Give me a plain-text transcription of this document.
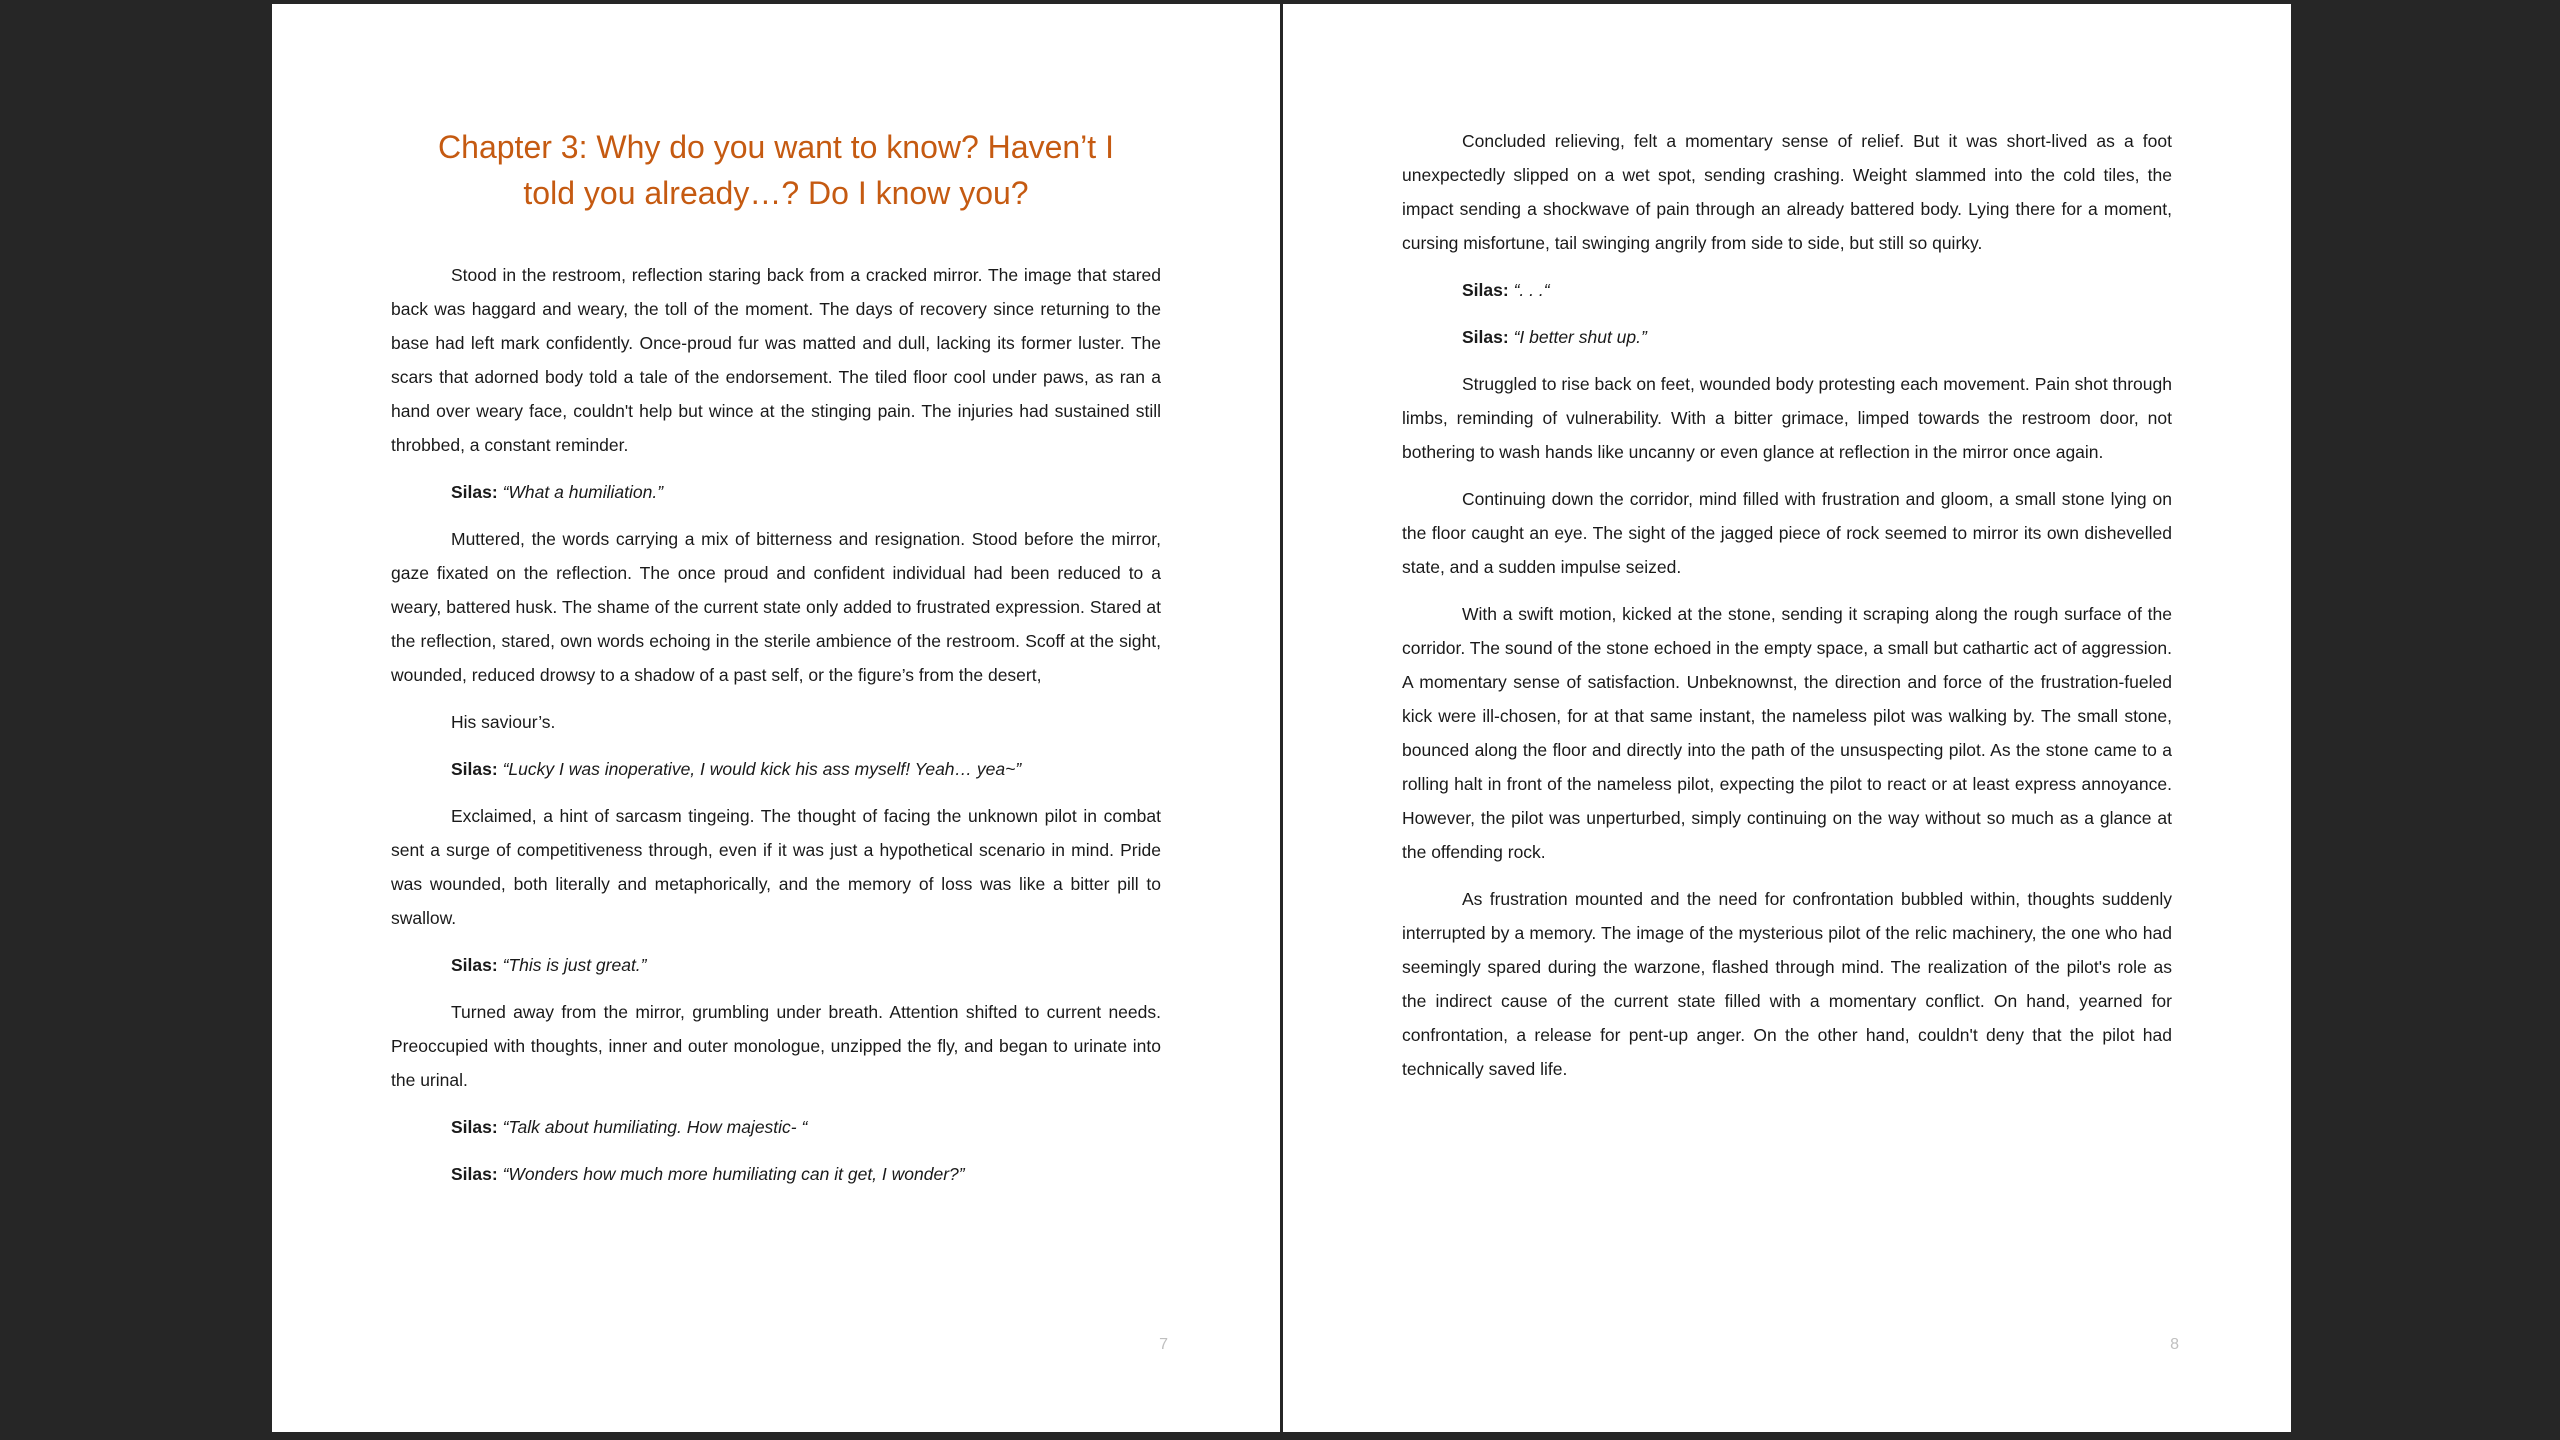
Chapter 3: Why do you want to know? Haven’t I told you already…? Do I know you?

Stood in the restroom, reflection staring back from a cracked mirror. The image that stared back was haggard and weary, the toll of the moment. The days of recovery since returning to the base had left mark confidently. Once-proud fur was matted and dull, lacking its former luster. The scars that adorned body told a tale of the endorsement. The tiled floor cool under paws, as ran a hand over weary face, couldn't help but wince at the stinging pain. The injuries had sustained still throbbed, a constant reminder.

Silas: “What a humiliation.”

Muttered, the words carrying a mix of bitterness and resignation. Stood before the mirror, gaze fixated on the reflection. The once proud and confident individual had been reduced to a weary, battered husk. The shame of the current state only added to frustrated expression. Stared at the reflection, stared, own words echoing in the sterile ambience of the restroom. Scoff at the sight, wounded, reduced drowsy to a shadow of a past self, or the figure’s from the desert,

His saviour’s.

Silas: “Lucky I was inoperative, I would kick his ass myself! Yeah… yea~”

Exclaimed, a hint of sarcasm tingeing. The thought of facing the unknown pilot in combat sent a surge of competitiveness through, even if it was just a hypothetical scenario in mind. Pride was wounded, both literally and metaphorically, and the memory of loss was like a bitter pill to swallow.

Silas: “This is just great.”

Turned away from the mirror, grumbling under breath. Attention shifted to current needs. Preoccupied with thoughts, inner and outer monologue, unzipped the fly, and began to urinate into the urinal.

Silas: “Talk about humiliating. How majestic- “

Silas: “Wonders how much more humiliating can it get, I wonder?”

7

Concluded relieving, felt a momentary sense of relief. But it was short-lived as a foot unexpectedly slipped on a wet spot, sending crashing. Weight slammed into the cold tiles, the impact sending a shockwave of pain through an already battered body. Lying there for a moment, cursing misfortune, tail swinging angrily from side to side, but still so quirky.

Silas: “. . .“

Silas: “I better shut up.”

Struggled to rise back on feet, wounded body protesting each movement. Pain shot through limbs, reminding of vulnerability. With a bitter grimace, limped towards the restroom door, not bothering to wash hands like uncanny or even glance at reflection in the mirror once again.

Continuing down the corridor, mind filled with frustration and gloom, a small stone lying on the floor caught an eye. The sight of the jagged piece of rock seemed to mirror its own dishevelled state, and a sudden impulse seized.

With a swift motion, kicked at the stone, sending it scraping along the rough surface of the corridor. The sound of the stone echoed in the empty space, a small but cathartic act of aggression. A momentary sense of satisfaction. Unbeknownst, the direction and force of the frustration-fueled kick were ill-chosen, for at that same instant, the nameless pilot was walking by. The small stone, bounced along the floor and directly into the path of the unsuspecting pilot. As the stone came to a rolling halt in front of the nameless pilot, expecting the pilot to react or at least express annoyance. However, the pilot was unperturbed, simply continuing on the way without so much as a glance at the offending rock.

As frustration mounted and the need for confrontation bubbled within, thoughts suddenly interrupted by a memory. The image of the mysterious pilot of the relic machinery, the one who had seemingly spared during the warzone, flashed through mind. The realization of the pilot's role as the indirect cause of the current state filled with a momentary conflict. On hand, yearned for confrontation, a release for pent-up anger. On the other hand, couldn't deny that the pilot had technically saved life.

8
